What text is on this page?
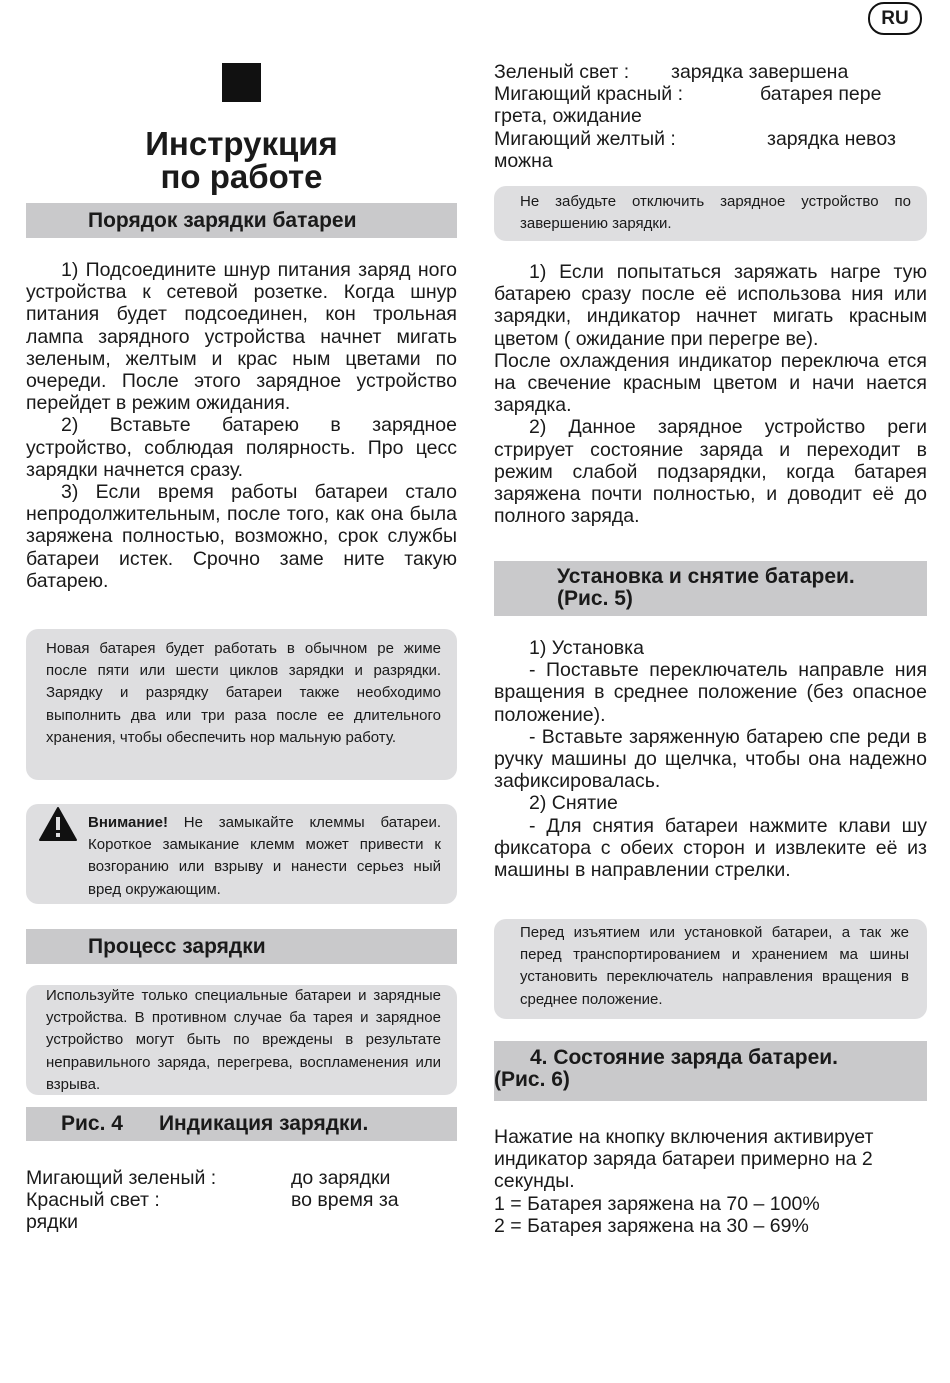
RU
Инструкция
по работе
Порядок зарядки батареи

1) Подсоедините шнур питания заряд ного устройства к сетевой розетке. Когда шнур питания будет подсоединен, кон трольная лампа зарядного устройства начнет мигать зеленым, желтым и крас ным цветами по очереди. После этого зарядное устройство перейдет в режим ожидания.

2) Вставьте батарею в зарядное устройство, соблюдая полярность. Про цесс зарядки начнется сразу.

3) Если время работы батареи стало непродолжительным, после того, как она была заряжена полностью, возможно, срок службы батареи истек. Срочно заме ните такую батарею.

Новая батарея будет работать в обычном ре жиме после пяти или шести циклов зарядки и разрядки. Зарядку и разрядку батареи также необходимо выполнить два или три раза после ее длительного хранения, чтобы обеспечить нор мальную работу.
Внимание! Не замыкайте клеммы батареи. Короткое замыкание клемм может привести к возгоранию или взрыву и нанести серьез ный вред окружающим.
Процесс зарядки
Используйте только специальные батареи и зарядные устройства. В противном случае ба тарея и зарядное устройство могут быть по вреждены в результате неправильного заряда, перегрева, воспламенения или взрыва.
Рис. 4 Индикация зарядки.
Мигающий зеленый :	до зарядки
Красный свет :	во время за
рядки
Зеленый свет :	зарядка завершена
Мигающий красный :	батарея пере
грета, ожидание
Мигающий желтый :	зарядка невоз
можна
Не забудьте отключить зарядное устройство по завершению зарядки.

1) Если попытаться заряжать нагре тую батарею сразу после её использова ния или зарядки, индикатор начнет мигать красным цветом ( ожидание при перегре ве).

После охлаждения индикатор переключа ется на свечение красным цветом и начи нается зарядка.

2) Данное зарядное устройство реги стрирует состояние заряда и переходит в режим слабой подзарядки, когда батарея заряжена почти полностью, и доводит её до полного заряда.

Установка и снятие батареи.
(Рис. 5)

1) Установка

- Поставьте переключатель направле ния вращения в среднее положение (без опасное положение).

- Вставьте заряженную батарею спе реди в ручку машины до щелчка, чтобы она надежно зафиксировалась.

2) Снятие

- Для снятия батареи нажмите клави шу фиксатора с обеих сторон и извлеките её из машины в направлении стрелки.

Перед изъятием или установкой батареи, а так же перед транспортированием и хранением ма шины установить переключатель направления вращения в среднее положение.
4. Состояние заряда батареи.
(Рис. 6)

Нажатие на кнопку включения активирует индикатор заряда батареи примерно на 2 секунды.

1 = Батарея заряжена на 70 – 100%

2 = Батарея заряжена на 30 – 69%
